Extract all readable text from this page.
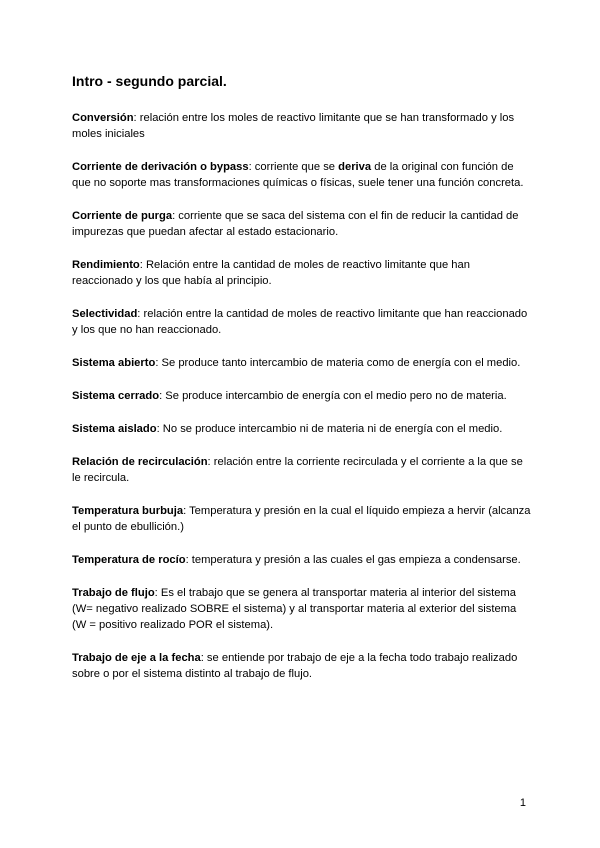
Intro - segundo parcial.

Conversión: relación entre los moles de reactivo limitante que se han transformado y los moles iniciales

Corriente de derivación o bypass: corriente que se deriva de la original con función de que no soporte mas transformaciones químicas o físicas, suele tener una función concreta.

Corriente de purga: corriente que se saca del sistema con el fin de reducir la cantidad de impurezas que puedan afectar al estado estacionario.

Rendimiento: Relación entre la cantidad de moles de reactivo limitante que han reaccionado y los que había al principio.

Selectividad: relación entre la cantidad de moles de reactivo limitante que han reaccionado y los que no han reaccionado.

Sistema abierto: Se produce tanto intercambio de materia como de energía con el medio.

Sistema cerrado: Se produce intercambio de energía con el medio pero no de materia.

Sistema aislado: No se produce intercambio ni de materia ni de energía con el medio.

Relación de recirculación: relación entre la corriente recirculada y el corriente a la que se le recircula.

Temperatura burbuja: Temperatura y presión en la cual el líquido empieza a hervir (alcanza el punto de ebullición.)

Temperatura de rocío: temperatura y presión a las cuales el gas empieza a condensarse.

Trabajo de flujo: Es el trabajo que se genera al transportar materia al interior del sistema (W= negativo realizado SOBRE el sistema) y al transportar materia al exterior del sistema (W = positivo realizado POR el sistema).

Trabajo de eje a la fecha: se entiende por trabajo de eje a la fecha todo trabajo realizado sobre o por el sistema distinto al trabajo de flujo.

1
